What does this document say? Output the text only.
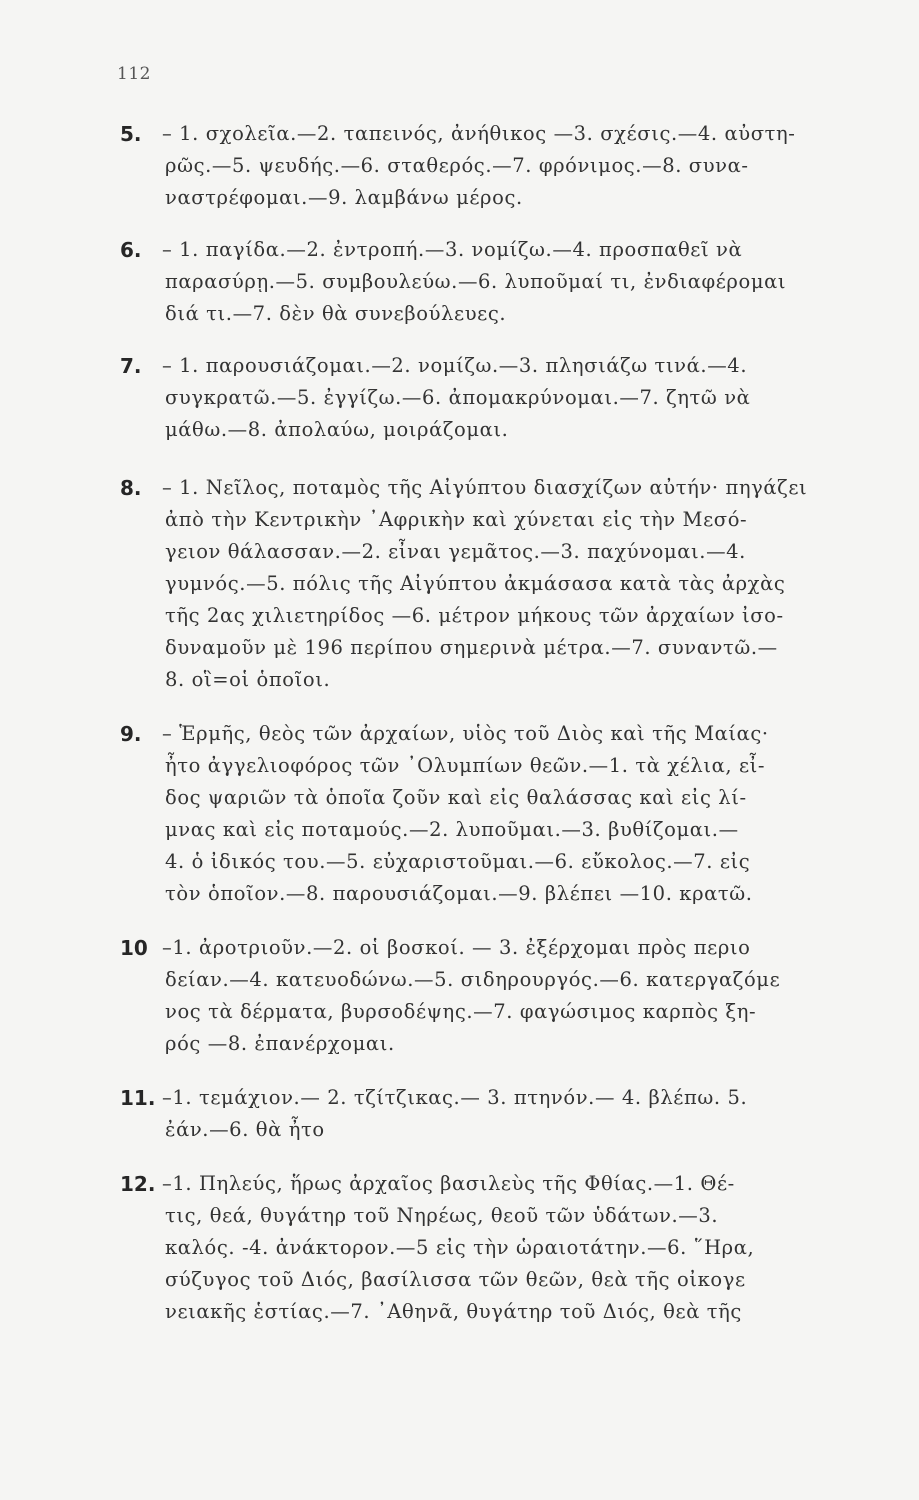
112
5.	– 1. σχολεῖα.—2. ταπεινός, ἀνήθικος —3. σχέσις.—4. αὐστη-
ρῶς.—5. ψευδής.—6. σταθερός.—7. φρόνιμος.—8. συνα-
ναστρέφομαι.—9. λαμβάνω μέρος.
6.	– 1. παγίδα.—2. ἐντροπή.—3. νομίζω.—4. προσπαθεῖ νὰ
παρασύρῃ.—5. συμβουλεύω.—6. λυποῦμαί τι, ἐνδιαφέρομαι
διά τι.—7. δὲν θὰ συνεβούλευες.
7.	– 1. παρουσιάζομαι.—2. νομίζω.—3. πλησιάζω τινά.—4.
συγκρατῶ.—5. ἐγγίζω.—6. ἀπομακρύνομαι.—7. ζητῶ νὰ
μάθω.—8. ἀπολαύω, μοιράζομαι.
8.	– 1. Νεῖλος, ποταμὸς τῆς Αἰγύπτου διασχίζων αὐτήν· πηγάζει
ἀπὸ τὴν Κεντρικὴν ᾿Αφρικὴν καὶ χύνεται εἰς τὴν Μεσό-
γειον θάλασσαν.—2. εἶναι γεμᾶτος.—3. παχύνομαι.—4.
γυμνός.—5. πόλις τῆς Αἰγύπτου ἀκμάσασα κατὰ τὰς ἀρχὰς
τῆς 2ας χιλιετηρίδος —6. μέτρον μήκους τῶν ἀρχαίων ἰσο-
δυναμοῦν μὲ 196 περίπου σημερινὰ μέτρα.—7. συναντῶ.—
8. οἳ=οἱ ὁποῖοι.
9.	– Ἑρμῆς, θεὸς τῶν ἀρχαίων, υἱὸς τοῦ Διὸς καὶ τῆς Μαίας·
ἦτο ἀγγελιοφόρος τῶν ᾿Ολυμπίων θεῶν.—1. τὰ χέλια, εἶ-
δος ψαριῶν τὰ ὁποῖα ζοῦν καὶ εἰς θαλάσσας καὶ εἰς λί-
μνας καὶ εἰς ποταμούς.—2. λυποῦμαι.—3. βυθίζομαι.—
4. ὁ ἰδικός του.—5. εὐχαριστοῦμαι.—6. εὔκολος.—7. εἰς
τὸν ὁποῖον.—8. παρουσιάζομαι.—9. βλέπει —10. κρατῶ.
10 –1. ἀροτριοῦν.—2. οἱ βοσκοί. — 3. ἐξέρχομαι πρὸς περιο
δείαν.—4. κατευοδώνω.—5. σιδηρουργός.—6. κατεργαζόμε
νος τὰ δέρματα, βυρσοδέψης.—7. φαγώσιμος καρπὸς ξη-
ρός —8. ἐπανέρχομαι.
11. –1. τεμάχιον.— 2. τζίτζικας.— 3. πτηνόν.— 4. βλέπω. 5.
ἐάν.—6. θὰ ἦτο
12. –1. Πηλεύς, ἥρως ἀρχαῖος βασιλεὺς τῆς Φθίας.—1. Θέ-
τις, θεά, θυγάτηρ τοῦ Νηρέως, θεοῦ τῶν ὑδάτων.—3.
καλός. -4. ἀνάκτορον.—5 εἰς τὴν ὡραιοτάτην.—6. ῞Ηρα,
σύζυγος τοῦ Διός, βασίλισσα τῶν θεῶν, θεὰ τῆς οἰκογε
νειακῆς ἑστίας.—7. ᾿Αθηνᾶ, θυγάτηρ τοῦ Διός, θεὰ τῆς
